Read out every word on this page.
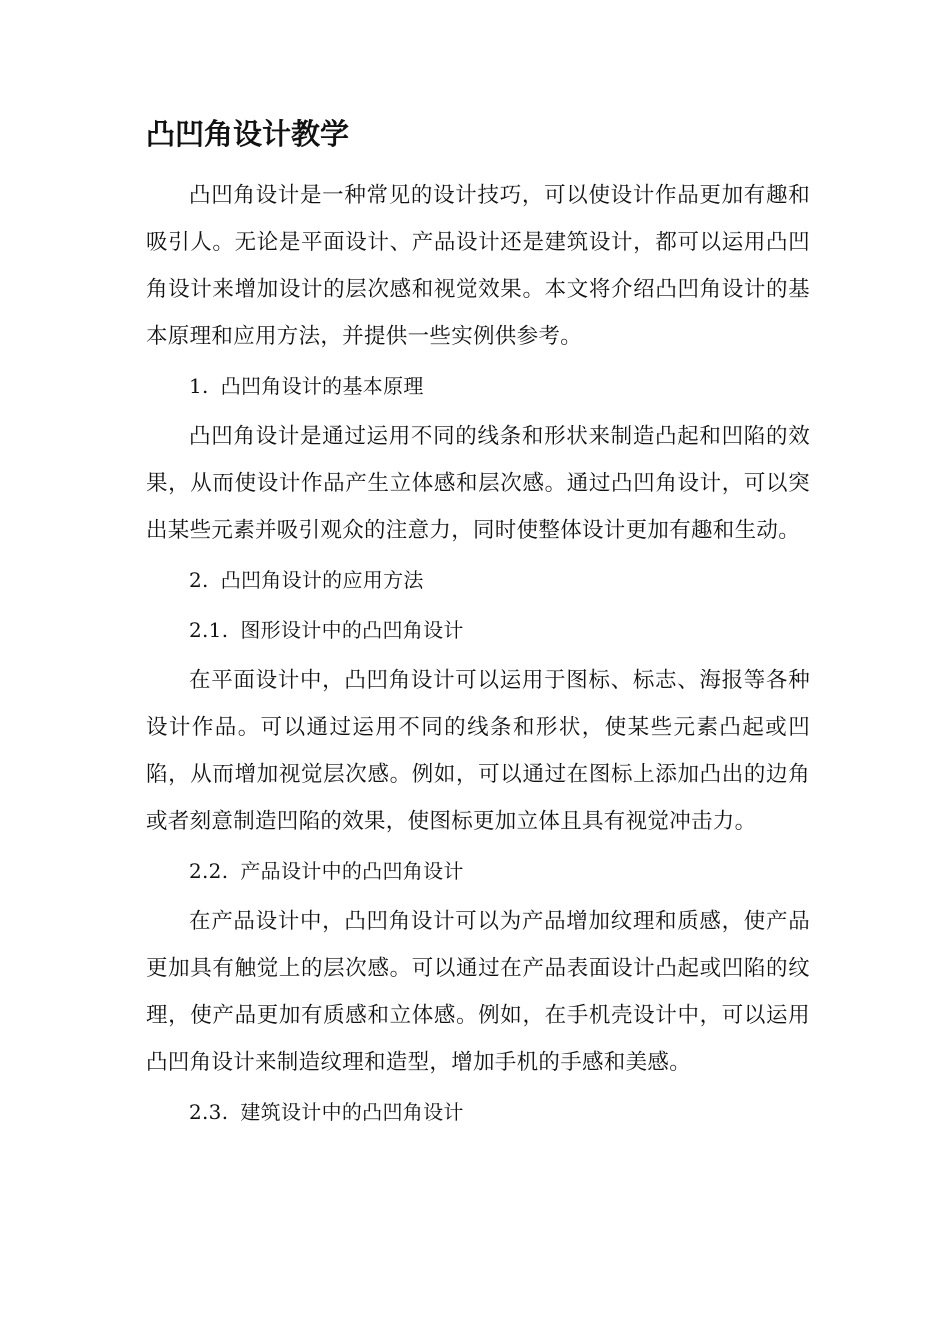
凸凹角设计教学

凸凹角设计是一种常见的设计技巧，可以使设计作品更加有趣和吸引人。无论是平面设计、产品设计还是建筑设计，都可以运用凸凹角设计来增加设计的层次感和视觉效果。本文将介绍凸凹角设计的基本原理和应用方法，并提供一些实例供参考。

1. 凸凹角设计的基本原理

凸凹角设计是通过运用不同的线条和形状来制造凸起和凹陷的效果，从而使设计作品产生立体感和层次感。通过凸凹角设计，可以突出某些元素并吸引观众的注意力，同时使整体设计更加有趣和生动。

2. 凸凹角设计的应用方法
2.1. 图形设计中的凸凹角设计

在平面设计中，凸凹角设计可以运用于图标、标志、海报等各种设计作品。可以通过运用不同的线条和形状，使某些元素凸起或凹陷，从而增加视觉层次感。例如，可以通过在图标上添加凸出的边角或者刻意制造凹陷的效果，使图标更加立体且具有视觉冲击力。

2.2. 产品设计中的凸凹角设计

在产品设计中，凸凹角设计可以为产品增加纹理和质感，使产品更加具有触觉上的层次感。可以通过在产品表面设计凸起或凹陷的纹理，使产品更加有质感和立体感。例如，在手机壳设计中，可以运用凸凹角设计来制造纹理和造型，增加手机的手感和美感。

2.3. 建筑设计中的凸凹角设计
